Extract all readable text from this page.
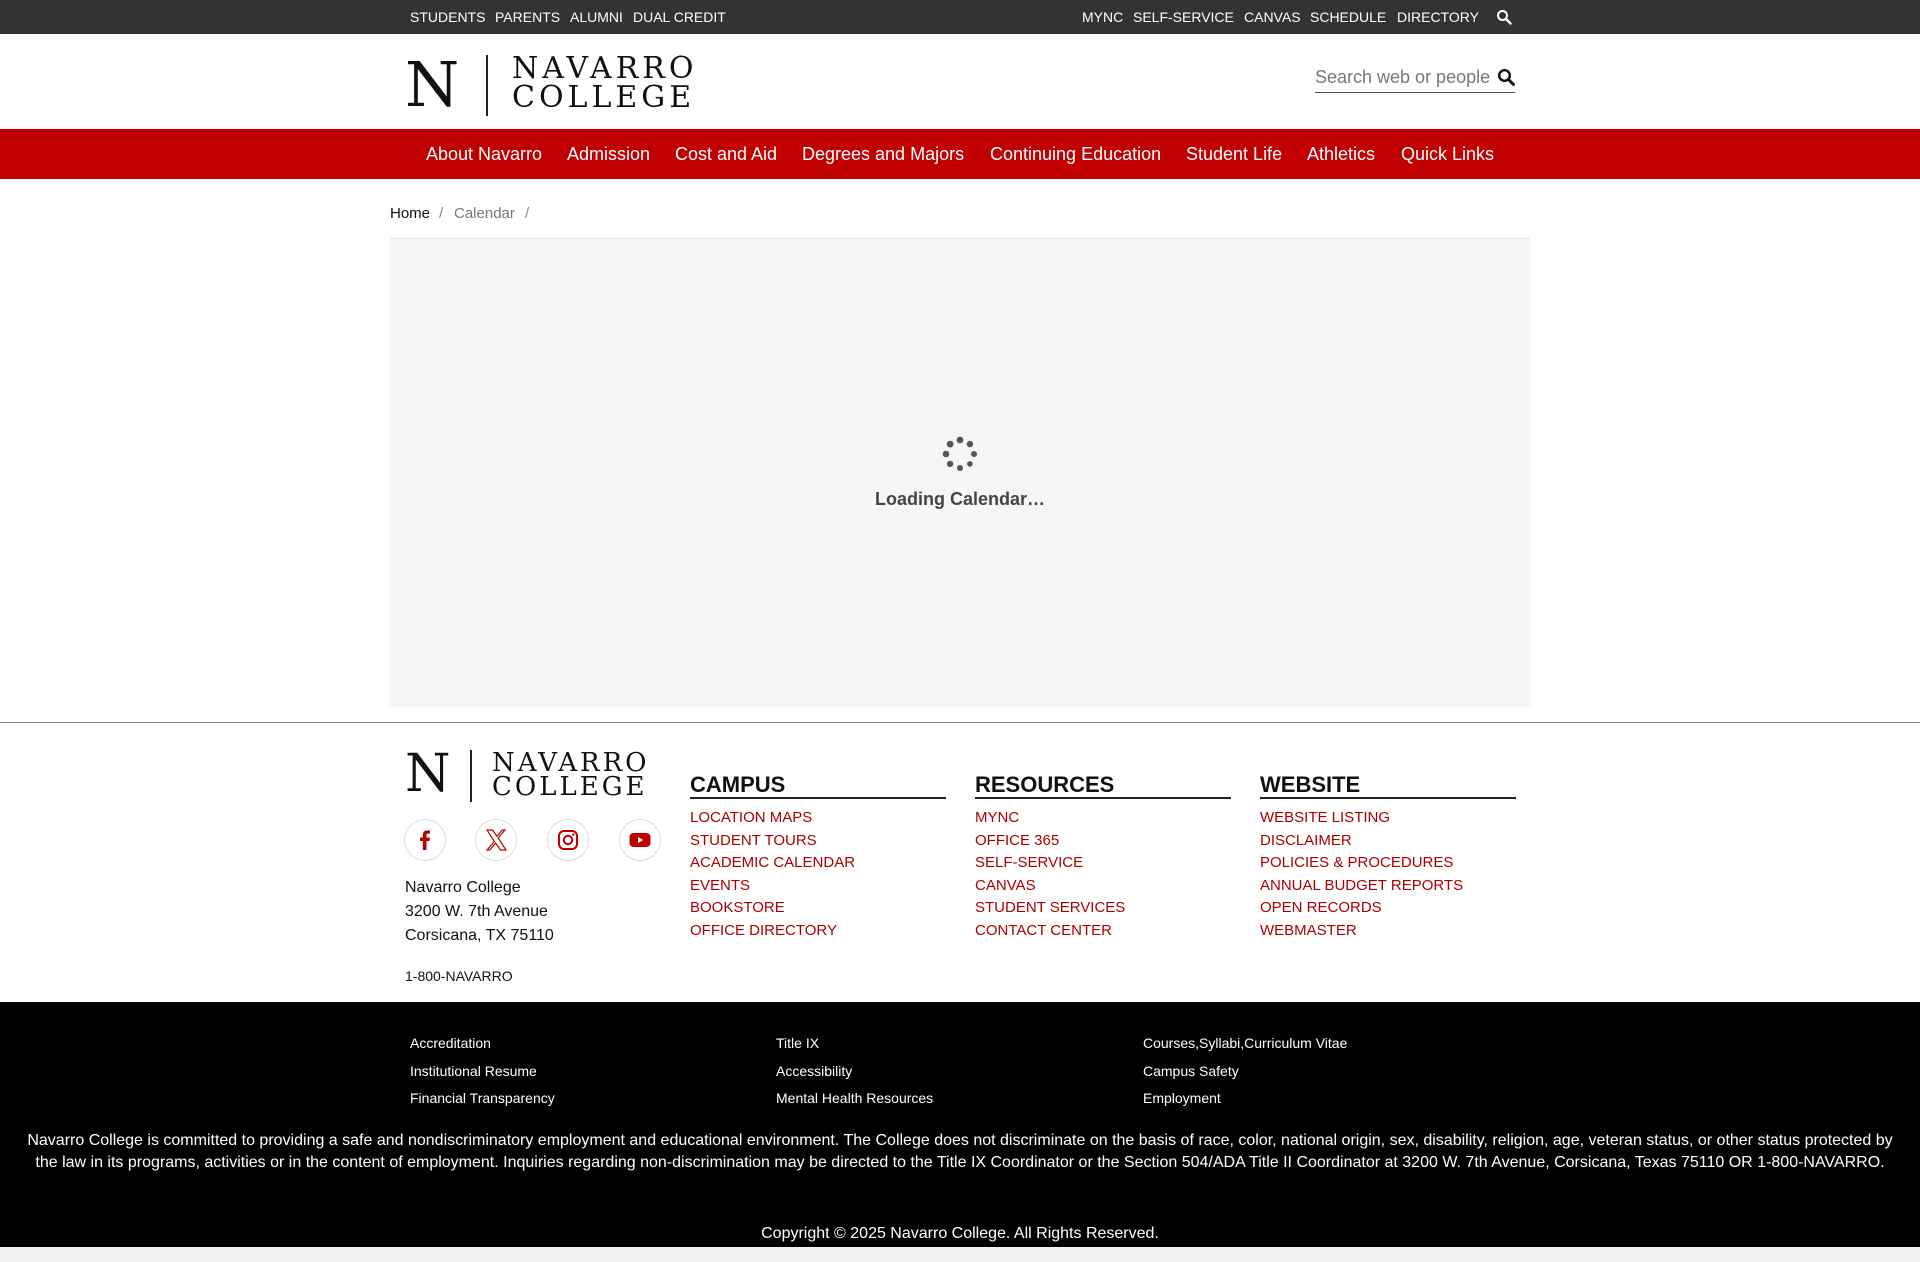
STUDENTS PARENTS ALUMNI DUAL CREDIT	MYNC SELF-SERVICE CANVAS SCHEDULE DIRECTORY
N NAVARRO
COLLEGE
Search web or people
About Navarro Admission Cost and Aid Degrees and Majors Continuing Education Student Life Athletics Quick Links
Home / Calendar /
Loading Calendar…
N NAVARRO
COLLEGE
Navarro College
3200 W. 7th Avenue
Corsicana, TX 75110
1-800-NAVARRO
CAMPUS
LOCATION MAPS
STUDENT TOURS
ACADEMIC CALENDAR
EVENTS
BOOKSTORE
OFFICE DIRECTORY
RESOURCES
MYNC
OFFICE 365
SELF-SERVICE
CANVAS
STUDENT SERVICES
CONTACT CENTER
WEBSITE
WEBSITE LISTING
DISCLAIMER
POLICIES & PROCEDURES
ANNUAL BUDGET REPORTS
OPEN RECORDS
WEBMASTER
Accreditation
Institutional Resume
Financial Transparency
Title IX
Accessibility
Mental Health Resources
Courses,Syllabi,Curriculum Vitae
Campus Safety
Employment
Navarro College is committed to providing a safe and nondiscriminatory employment and educational environment. The College does not discriminate on the basis of race, color, national origin, sex, disability, religion, age, veteran status, or other status protected by the law in its programs, activities or in the content of employment. Inquiries regarding non-discrimination may be directed to the Title IX Coordinator or the Section 504/ADA Title II Coordinator at 3200 W. 7th Avenue, Corsicana, Texas 75110 OR 1-800-NAVARRO.
Copyright © 2025 Navarro College. All Rights Reserved.
